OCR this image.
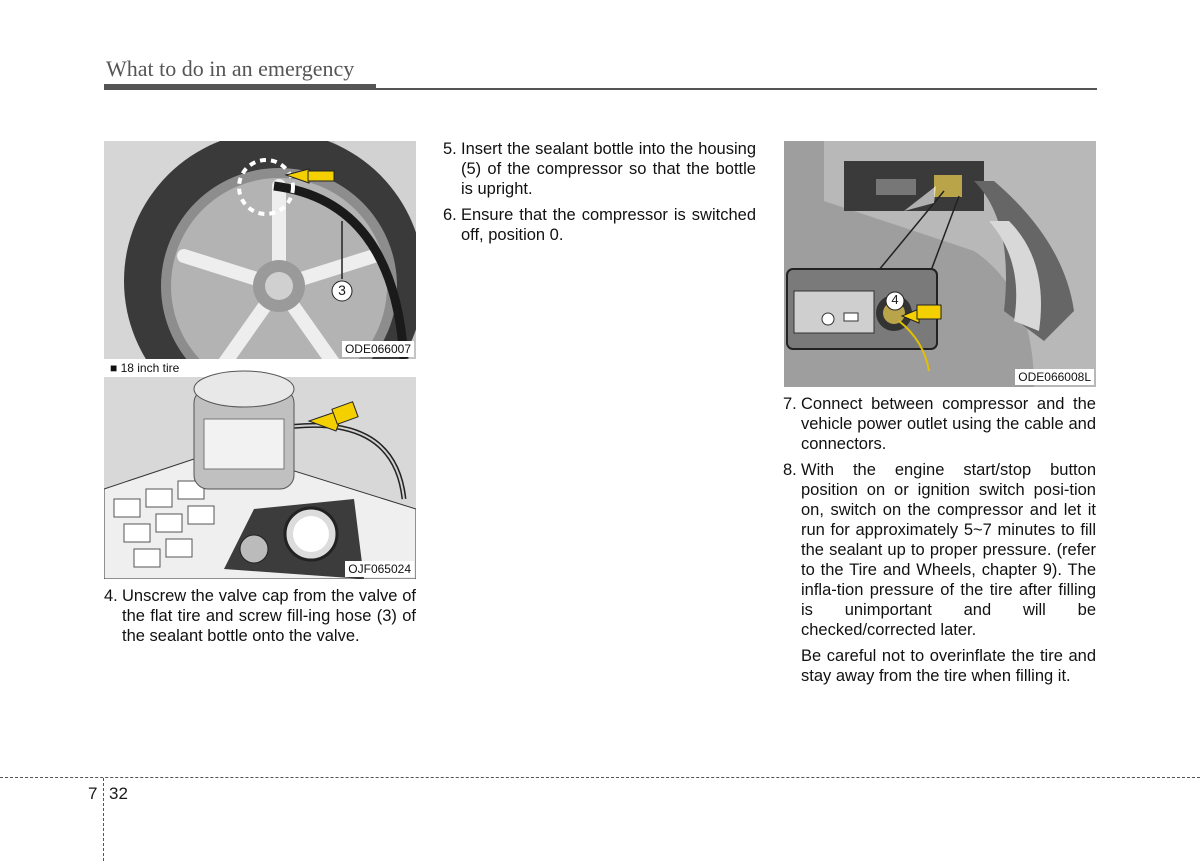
What to do in an emergency
3
ODE066007
■ 18 inch tire
OJF065024
4
ODE066008L
4. Unscrew the valve cap from the valve of the flat tire and screw fill-ing hose (3) of the sealant bottle onto the valve.
5. Insert the sealant bottle into the housing (5) of the compressor so that the bottle is upright.
6. Ensure that the compressor is switched off, position 0.
7. Connect between compressor and the vehicle power outlet using the cable and connectors.
8. With the engine start/stop button position on or ignition switch posi-tion on, switch on the compressor and let it run for approximately 5~7 minutes to fill the sealant up to proper pressure. (refer to the Tire and Wheels, chapter 9). The infla-tion pressure of the tire after filling is unimportant and will be checked/corrected later.
Be careful not to overinflate the tire and stay away from the tire when filling it.
7 32
